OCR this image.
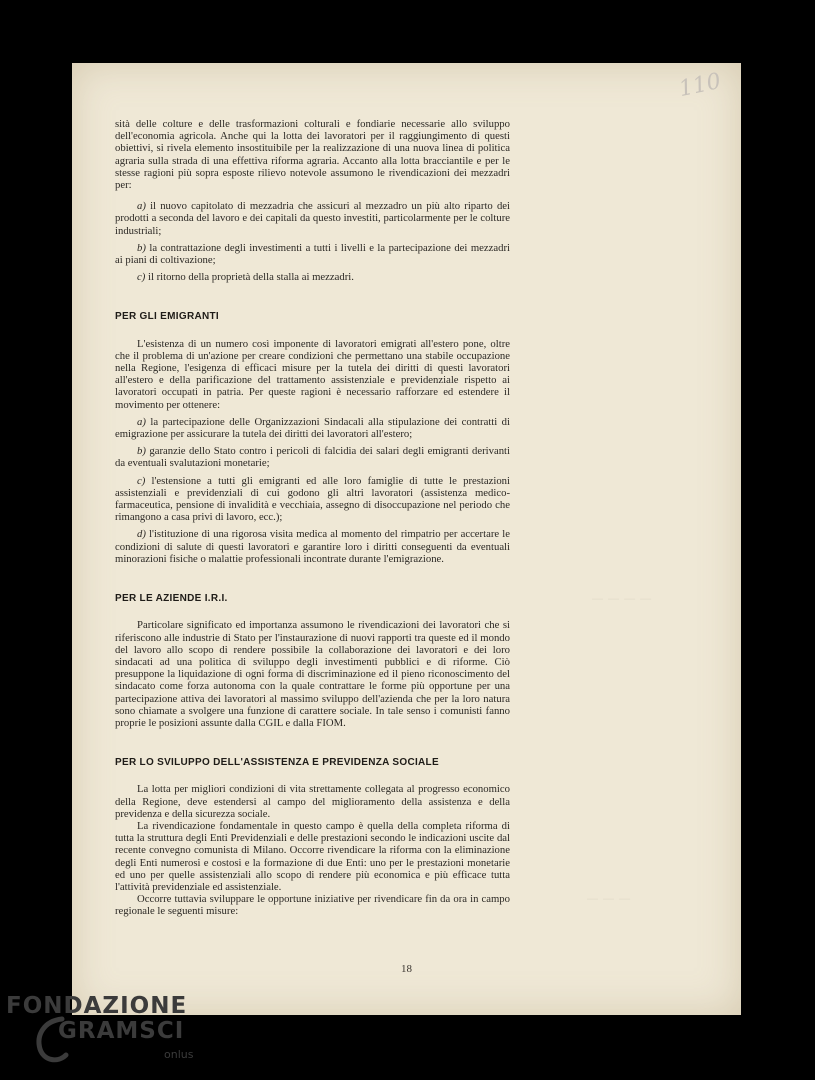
110
— — — —
— — —

sità delle colture e delle trasformazioni colturali e fondiarie necessarie allo sviluppo dell'economia agricola. Anche qui la lotta dei lavoratori per il raggiungimento di questi obiettivi, si rivela elemento insostituibile per la realizzazione di una nuova linea di politica agraria sulla strada di una effettiva riforma agraria. Accanto alla lotta bracciantile e per le stesse ragioni più sopra esposte rilievo notevole assumono le rivendicazioni dei mezzadri per:

a) il nuovo capitolato di mezzadria che assicuri al mezzadro un più alto riparto dei prodotti a seconda del lavoro e dei capitali da questo investiti, particolarmente per le colture industriali;

b) la contrattazione degli investimenti a tutti i livelli e la partecipazione dei mezzadri ai piani di coltivazione;

c) il ritorno della proprietà della stalla ai mezzadri.

PER GLI EMIGRANTI

L'esistenza di un numero così imponente di lavoratori emigrati all'estero pone, oltre che il problema di un'azione per creare condizioni che permettano una stabile occupazione nella Regione, l'esigenza di efficaci misure per la tutela dei diritti di questi lavoratori all'estero e della parificazione del trattamento assistenziale e previdenziale rispetto ai lavoratori occupati in patria. Per queste ragioni è necessario rafforzare ed estendere il movimento per ottenere:

a) la partecipazione delle Organizzazioni Sindacali alla stipulazione dei contratti di emigrazione per assicurare la tutela dei diritti dei lavoratori all'estero;

b) garanzie dello Stato contro i pericoli di falcidia dei salari degli emigranti derivanti da eventuali svalutazioni monetarie;

c) l'estensione a tutti gli emigranti ed alle loro famiglie di tutte le prestazioni assistenziali e previdenziali di cui godono gli altri lavoratori (assistenza medico-farmaceutica, pensione di invalidità e vecchiaia, assegno di disoccupazione nel periodo che rimangono a casa privi di lavoro, ecc.);

d) l'istituzione di una rigorosa visita medica al momento del rimpatrio per accertare le condizioni di salute di questi lavoratori e garantire loro i diritti conseguenti da eventuali minorazioni fisiche o malattie professionali incontrate durante l'emigrazione.

PER LE AZIENDE I.R.I.

Particolare significato ed importanza assumono le rivendicazioni dei lavoratori che si riferiscono alle industrie di Stato per l'instaurazione di nuovi rapporti tra queste ed il mondo del lavoro allo scopo di rendere possibile la collaborazione dei lavoratori e dei loro sindacati ad una politica di sviluppo degli investimenti pubblici e di riforme. Ciò presuppone la liquidazione di ogni forma di discriminazione ed il pieno riconoscimento del sindacato come forza autonoma con la quale contrattare le forme più opportune per una partecipazione attiva dei lavoratori al massimo sviluppo dell'azienda che per la loro natura sono chiamate a svolgere una funzione di carattere sociale. In tale senso i comunisti fanno proprie le posizioni assunte dalla CGIL e dalla FIOM.

PER LO SVILUPPO DELL'ASSISTENZA E PREVIDENZA SOCIALE

La lotta per migliori condizioni di vita strettamente collegata al progresso economico della Regione, deve estendersi al campo del miglioramento della assistenza e della previdenza e della sicurezza sociale.

La rivendicazione fondamentale in questo campo è quella della completa riforma di tutta la struttura degli Enti Previdenziali e delle prestazioni secondo le indicazioni uscite dal recente convegno comunista di Milano. Occorre rivendicare la riforma con la eliminazione degli Enti numerosi e costosi e la formazione di due Enti: uno per le prestazioni monetarie ed uno per quelle assistenziali allo scopo di rendere più economica e più efficace tutta l'attività previdenziale ed assistenziale.

Occorre tuttavia sviluppare le opportune iniziative per rivendicare fin da ora in campo regionale le seguenti misure:

18
FONDAZIONE
GRAMSCI
onlus
